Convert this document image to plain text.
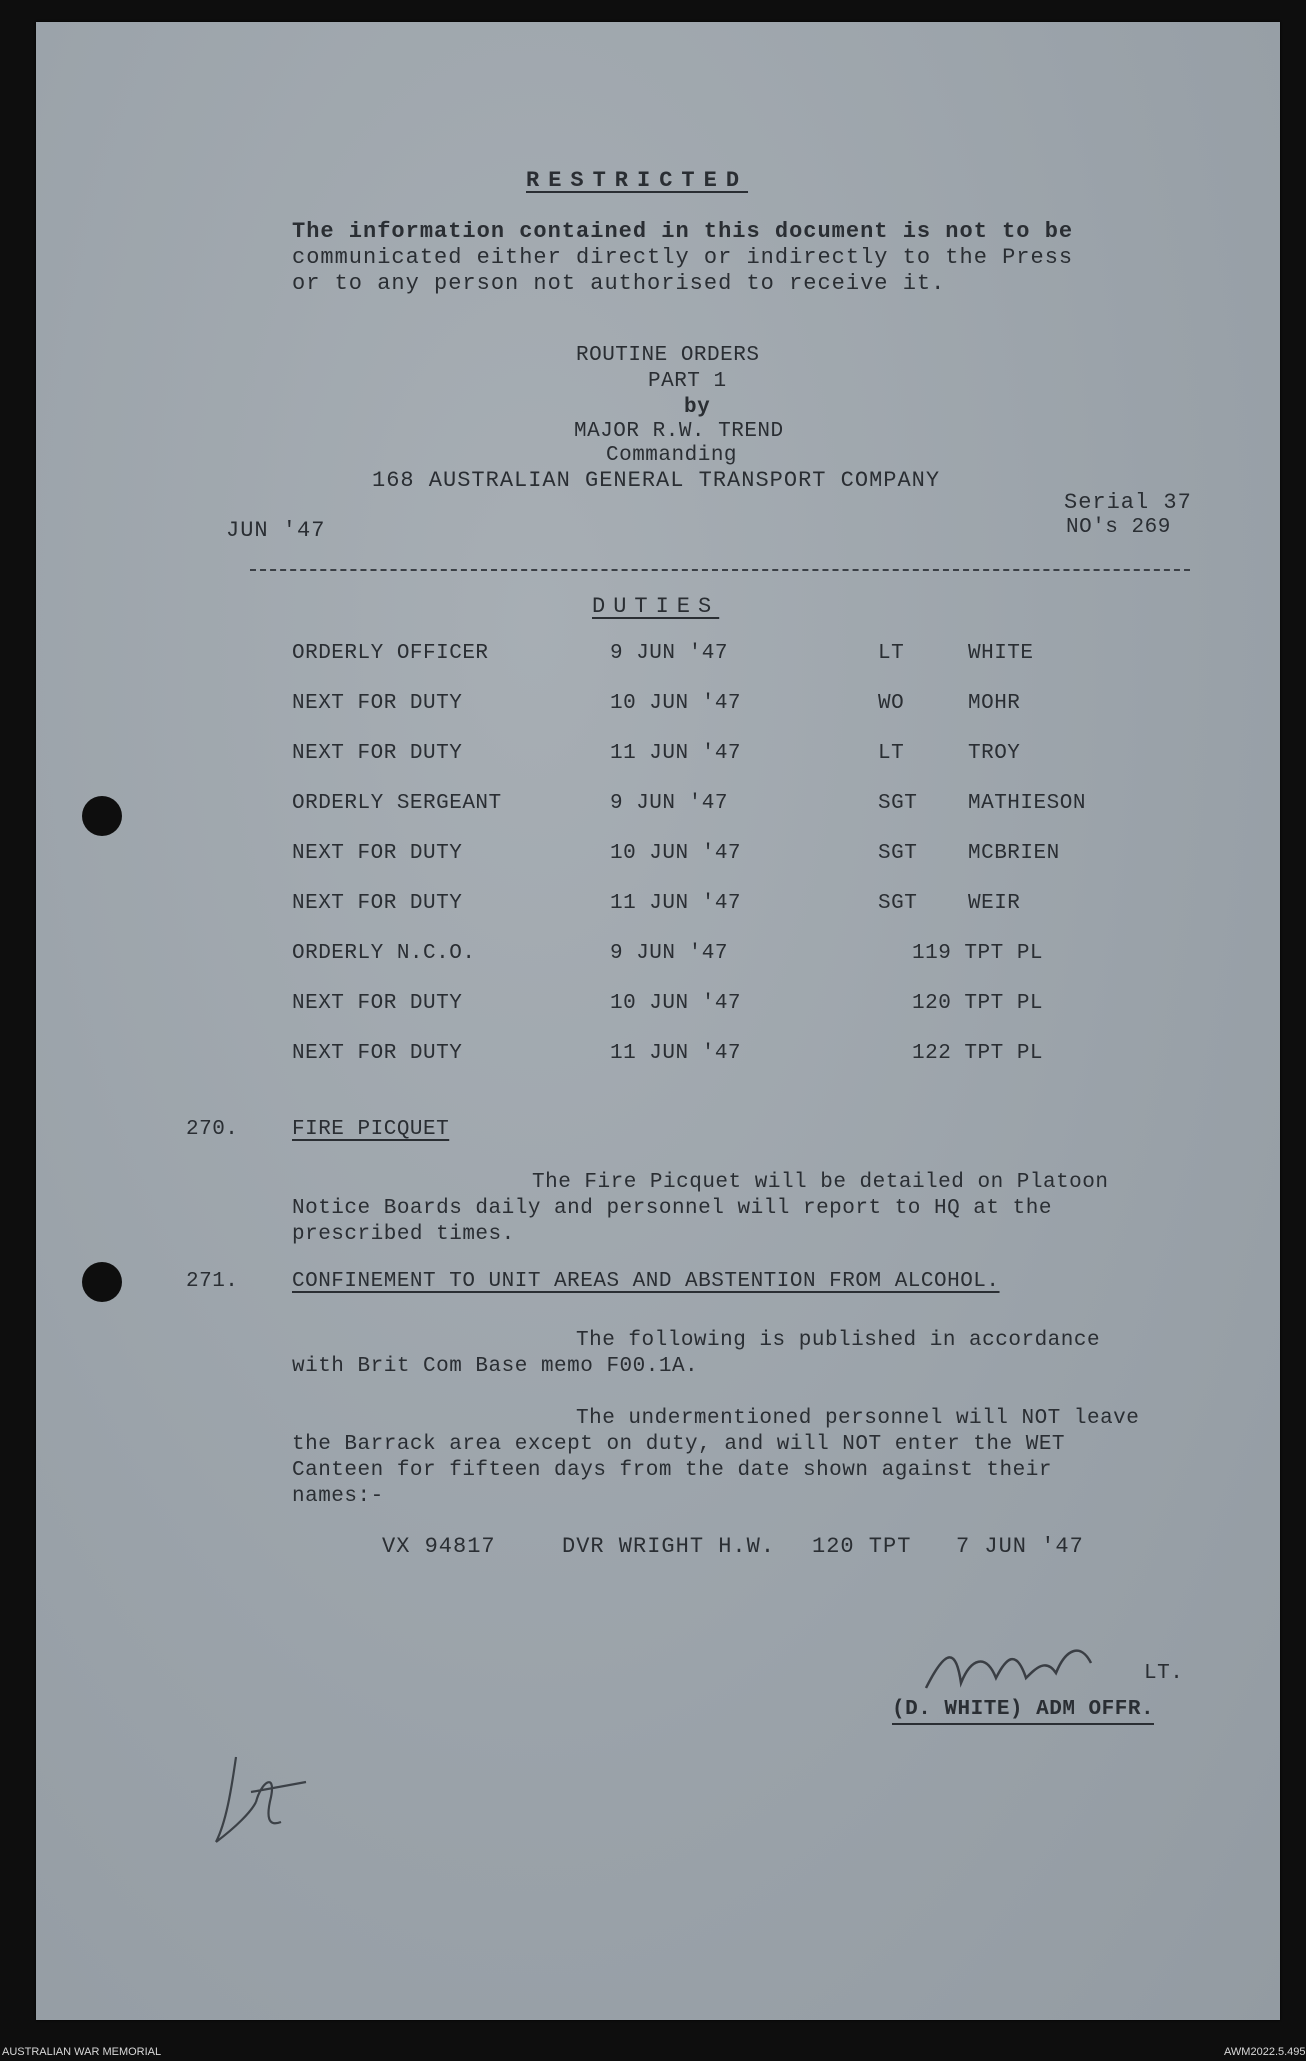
RESTRICTED
The information contained in this document is not to be
communicated either directly or indirectly to the Press
or to any person not authorised to receive it.
ROUTINE ORDERS
PART 1
by
MAJOR R.W. TREND
Commanding
168 AUSTRALIAN GENERAL TRANSPORT COMPANY
JUN '47
Serial 37
NO's 269
DUTIES
ORDERLY OFFICER	9 JUN '47	LT	WHITE
NEXT FOR DUTY	10 JUN '47	WO	MOHR
NEXT FOR DUTY	11 JUN '47	LT	TROY
ORDERLY SERGEANT	9 JUN '47	SGT MATHIESON
NEXT FOR DUTY	10 JUN '47	SGT MCBRIEN
NEXT FOR DUTY	11 JUN '47	SGT WEIR
ORDERLY N.C.O.	9 JUN '47	119 TPT PL
NEXT FOR DUTY	10 JUN '47	120 TPT PL
NEXT FOR DUTY	11 JUN '47	122 TPT PL
270.	FIRE PICQUET
The Fire Picquet will be detailed on Platoon
Notice Boards daily and personnel will report to HQ at the
prescribed times.
271.	CONFINEMENT TO UNIT AREAS AND ABSTENTION FROM ALCOHOL.
The following is published in accordance
with Brit Com Base memo F00.1A.
The undermentioned personnel will NOT leave
the Barrack area except on duty, and will NOT enter the WET
Canteen for fifteen days from the date shown against their
names:-
VX 94817	DVR WRIGHT H.W. 120 TPT 7 JUN '47
LT.
(D. WHITE) ADM OFFR.
AUSTRALIAN WAR MEMORIAL	AWM2022.5.495
